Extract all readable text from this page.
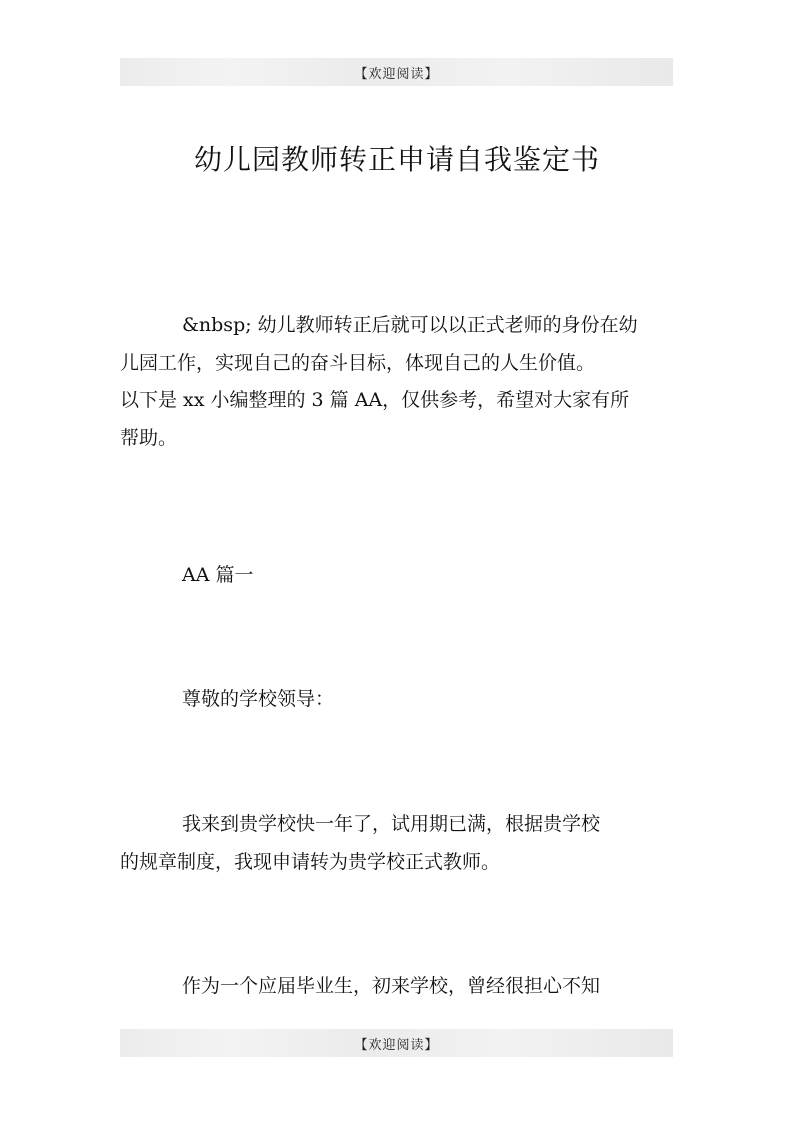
【欢迎阅读】
幼儿园教师转正申请自我鉴定书
&nbsp; 幼儿教师转正后就可以以正式老师的身份在幼
儿园工作，实现自己的奋斗目标，体现自己的人生价值。
以下是 xx 小编整理的 3 篇 AA，仅供参考，希望对大家有所
帮助。
AA 篇一
尊敬的学校领导：
我来到贵学校快一年了，试用期已满，根据贵学校
的规章制度，我现申请转为贵学校正式教师。
作为一个应届毕业生，初来学校，曾经很担心不知
【欢迎阅读】
